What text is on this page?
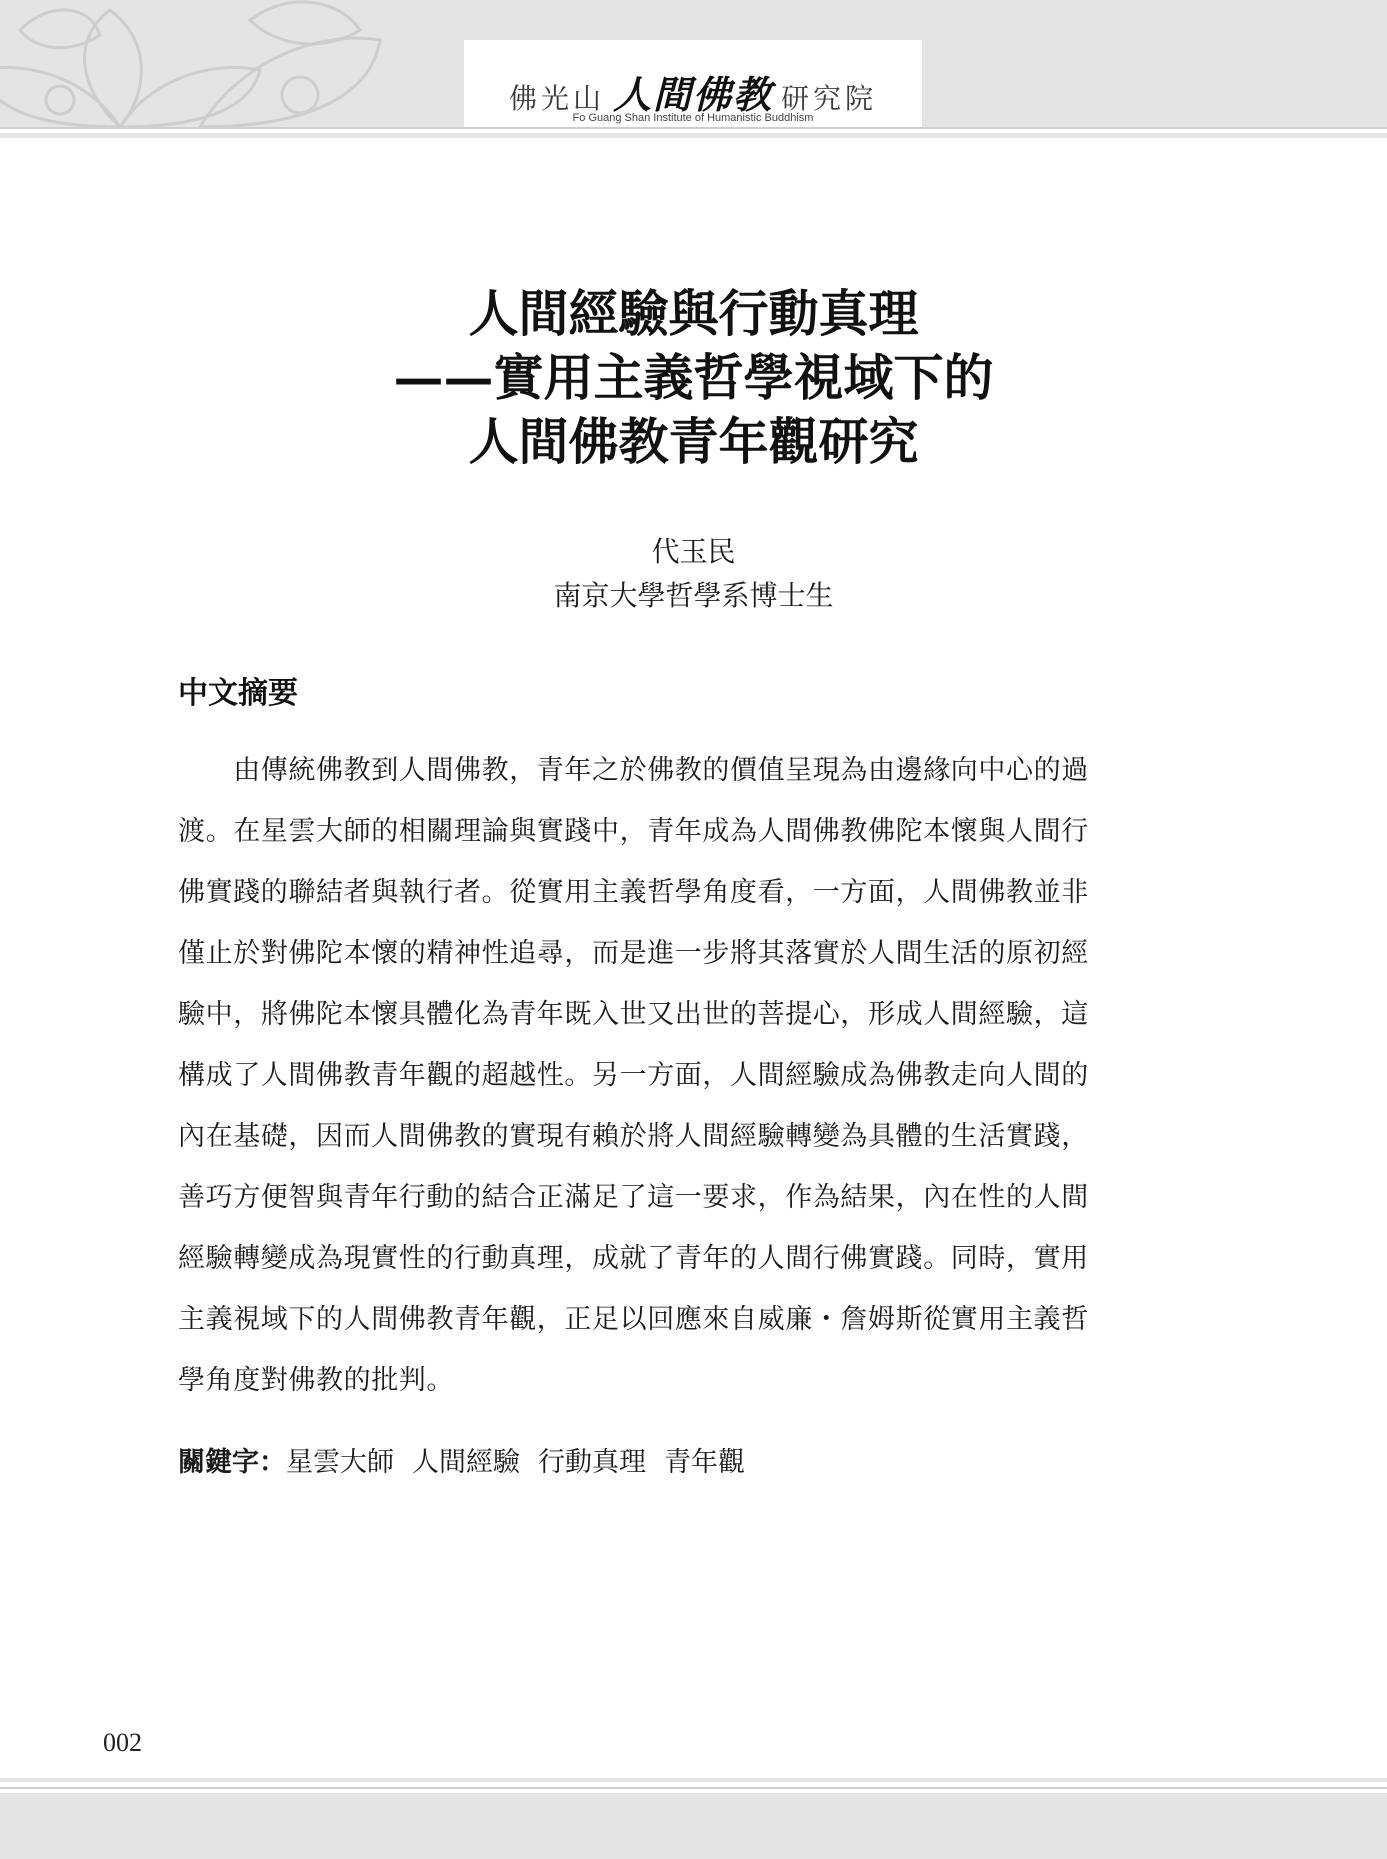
佛光山 人間佛教 研究院
Fo Guang Shan Institute of Humanistic Buddhism
人間經驗與行動真理
——實用主義哲學視域下的
人間佛教青年觀研究
代玉民
南京大學哲學系博士生
中文摘要
　　由傳統佛教到人間佛教，青年之於佛教的價值呈現為由邊緣向中心的過
渡。在星雲大師的相關理論與實踐中，青年成為人間佛教佛陀本懷與人間行
佛實踐的聯結者與執行者。從實用主義哲學角度看，一方面，人間佛教並非
僅止於對佛陀本懷的精神性追尋，而是進一步將其落實於人間生活的原初經
驗中，將佛陀本懷具體化為青年既入世又出世的菩提心，形成人間經驗，這
構成了人間佛教青年觀的超越性。另一方面，人間經驗成為佛教走向人間的
內在基礎，因而人間佛教的實現有賴於將人間經驗轉變為具體的生活實踐，
善巧方便智與青年行動的結合正滿足了這一要求，作為結果，內在性的人間
經驗轉變成為現實性的行動真理，成就了青年的人間行佛實踐。同時，實用
主義視域下的人間佛教青年觀，正足以回應來自威廉・詹姆斯從實用主義哲
學角度對佛教的批判。
關鍵字：星雲大師 人間經驗 行動真理 青年觀
002
